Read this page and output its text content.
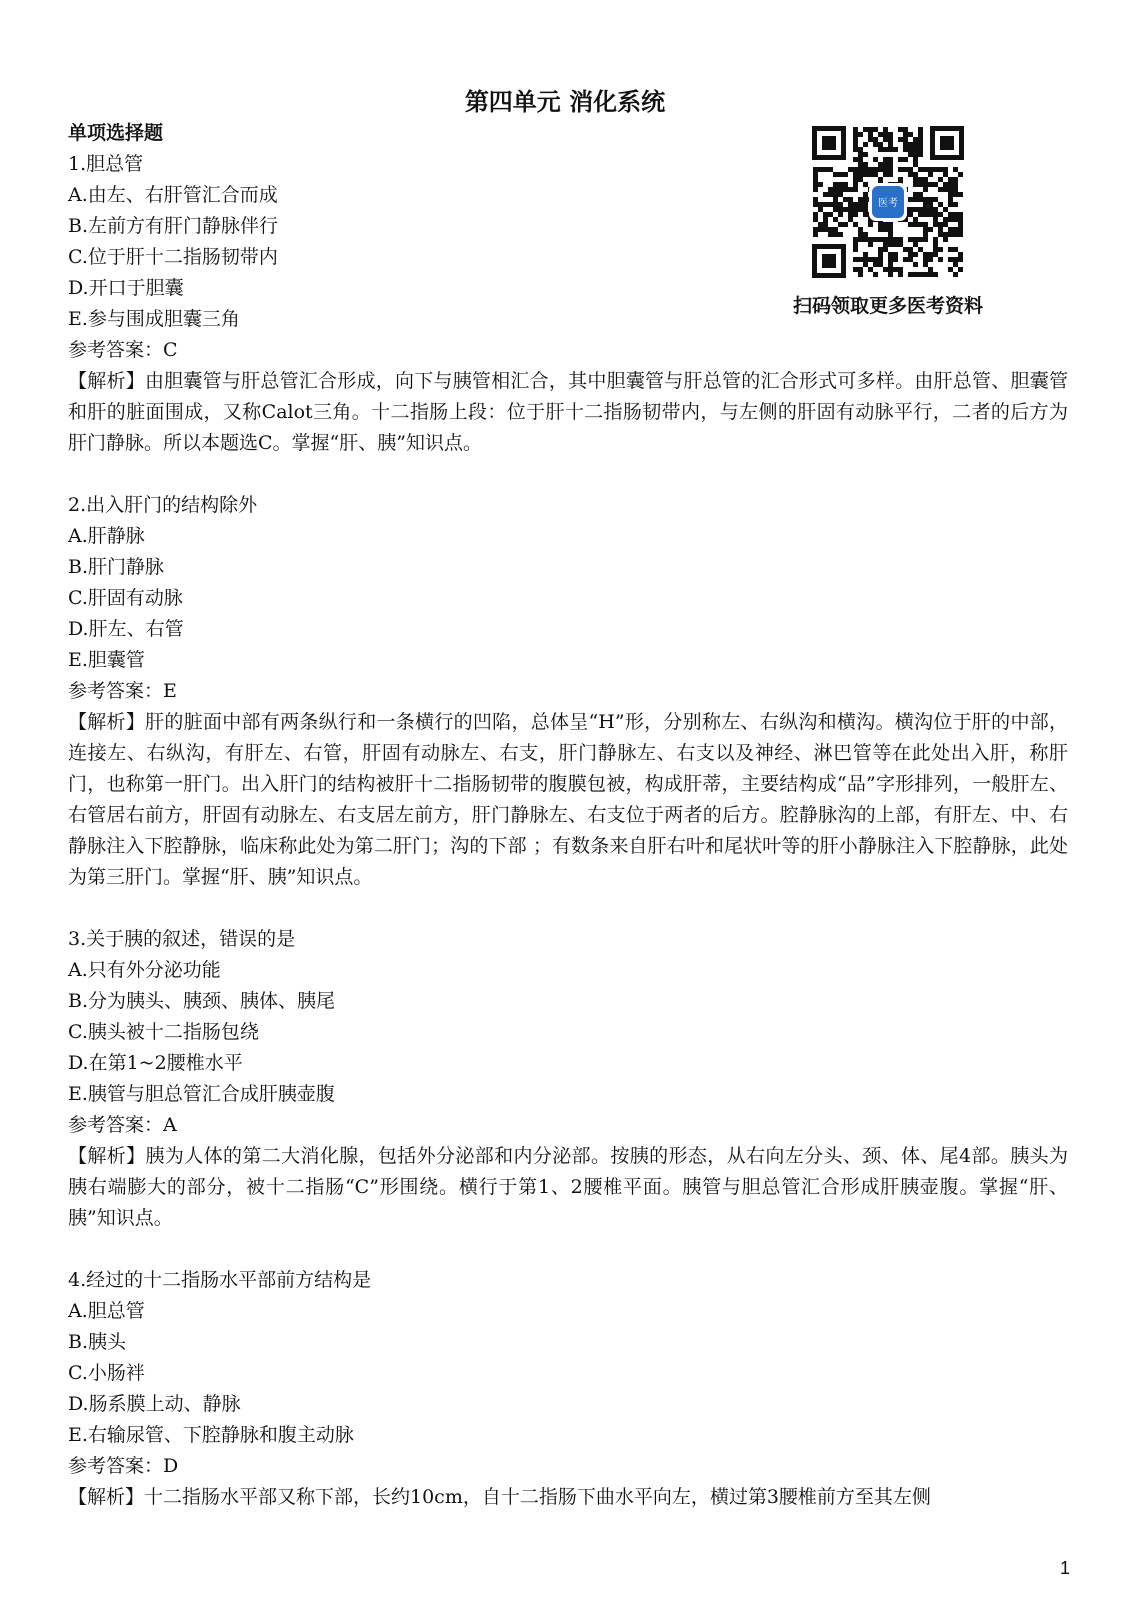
第四单元 消化系统
医考
扫码领取更多医考资料
单项选择题
1.胆总管
A.由左、右肝管汇合而成
B.左前方有肝门静脉伴行
C.位于肝十二指肠韧带内
D.开口于胆囊
E.参与围成胆囊三角
参考答案：C

【解析】由胆囊管与肝总管汇合形成，向下与胰管相汇合，其中胆囊管与肝总管的汇合形式可多样。由肝总管、胆囊管和肝的脏面围成，又称Calot三角。十二指肠上段：位于肝十二指肠韧带内，与左侧的肝固有动脉平行，二者的后方为肝门静脉。所以本题选C。掌握“肝、胰”知识点。

2.出入肝门的结构除外
A.肝静脉
B.肝门静脉
C.肝固有动脉
D.肝左、右管
E.胆囊管
参考答案：E

【解析】肝的脏面中部有两条纵行和一条横行的凹陷，总体呈“H”形，分别称左、右纵沟和横沟。横沟位于肝的中部，连接左、右纵沟，有肝左、右管，肝固有动脉左、右支，肝门静脉左、右支以及神经、淋巴管等在此处出入肝，称肝门，也称第一肝门。出入肝门的结构被肝十二指肠韧带的腹膜包被，构成肝蒂，主要结构成“品”字形排列，一般肝左、右管居右前方，肝固有动脉左、右支居左前方，肝门静脉左、右支位于两者的后方。腔静脉沟的上部，有肝左、中、右静脉注入下腔静脉，临床称此处为第二肝门；沟的下部 ；有数条来自肝右叶和尾状叶等的肝小静脉注入下腔静脉，此处为第三肝门。掌握“肝、胰”知识点。

3.关于胰的叙述，错误的是
A.只有外分泌功能
B.分为胰头、胰颈、胰体、胰尾
C.胰头被十二指肠包绕
D.在第1~2腰椎水平
E.胰管与胆总管汇合成肝胰壶腹
参考答案：A

【解析】胰为人体的第二大消化腺，包括外分泌部和内分泌部。按胰的形态，从右向左分头、颈、体、尾4部。胰头为胰右端膨大的部分，被十二指肠“C”形围绕。横行于第1、2腰椎平面。胰管与胆总管汇合形成肝胰壶腹。掌握“肝、胰”知识点。

4.经过的十二指肠水平部前方结构是
A.胆总管
B.胰头
C.小肠袢
D.肠系膜上动、静脉
E.右输尿管、下腔静脉和腹主动脉
参考答案：D

【解析】十二指肠水平部又称下部，长约10cm，自十二指肠下曲水平向左，横过第3腰椎前方至其左侧

1
